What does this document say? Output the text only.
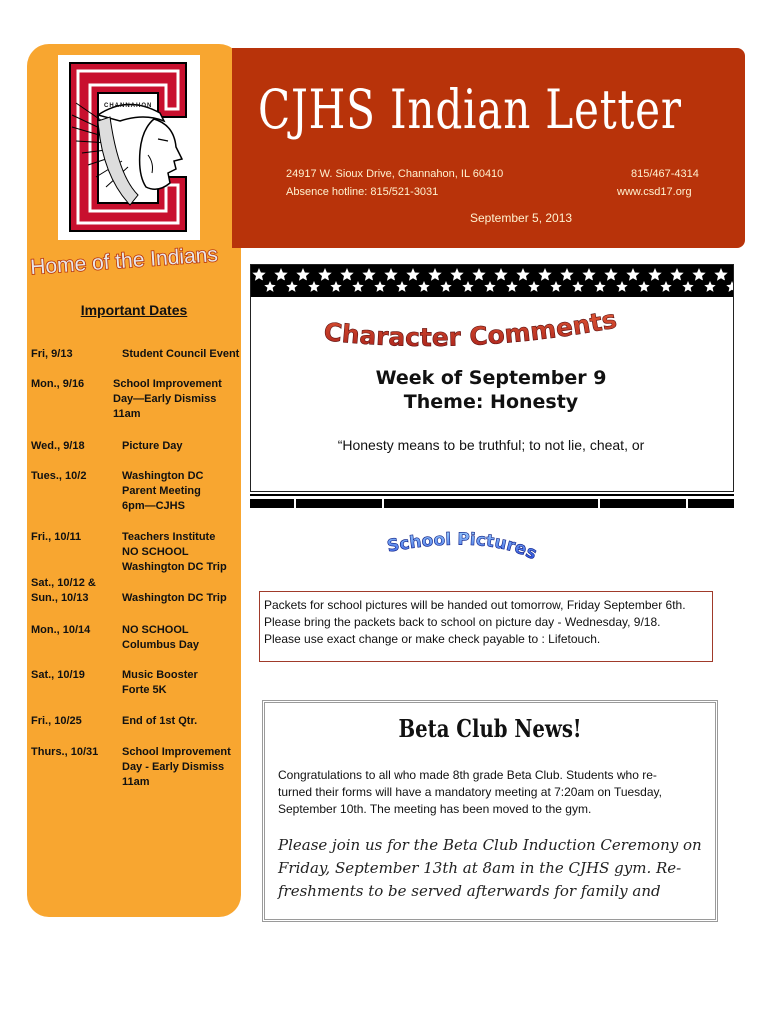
CHANNAHON
Home of the Indians
Important Dates
Fri, 9/13	Student Council Event
Mon., 9/16	School Improvement
Day—Early Dismiss
11am
Wed., 9/18	Picture Day
Tues., 10/2	Washington DC
Parent Meeting
6pm—CJHS
Fri., 10/11	Teachers Institute
NO SCHOOL
Washington DC Trip
Sat., 10/12 &
Sun., 10/13	
Washington DC Trip
Mon., 10/14	NO SCHOOL
Columbus Day
Sat., 10/19	Music Booster
Forte 5K
Fri., 10/25	End of 1st Qtr.
Thurs., 10/31	School Improvement
Day - Early Dismiss
11am
CJHS Indian Letter
24917 W. Sioux Drive, Channahon, IL 60410	815/467-4314
Absence hotline: 815/521-3031	www.csd17.org
September 5, 2013
Character Comments
Week of September 9
Theme: Honesty
“Honesty means to be truthful; to not lie, cheat, or
School Pictures
Packets for school pictures will be handed out tomorrow, Friday September 6th.
Please bring the packets back to school on picture day - Wednesday, 9/18.
Please use exact change or make check payable to : Lifetouch.
Beta Club News!
Congratulations to all who made 8th grade Beta Club. Students who re-
turned their forms will have a mandatory meeting at 7:20am on Tuesday,
September 10th. The meeting has been moved to the gym.
Please join us for the Beta Club Induction Ceremony on
Friday, September 13th at 8am in the CJHS gym. Re-
freshments to be served afterwards for family and
